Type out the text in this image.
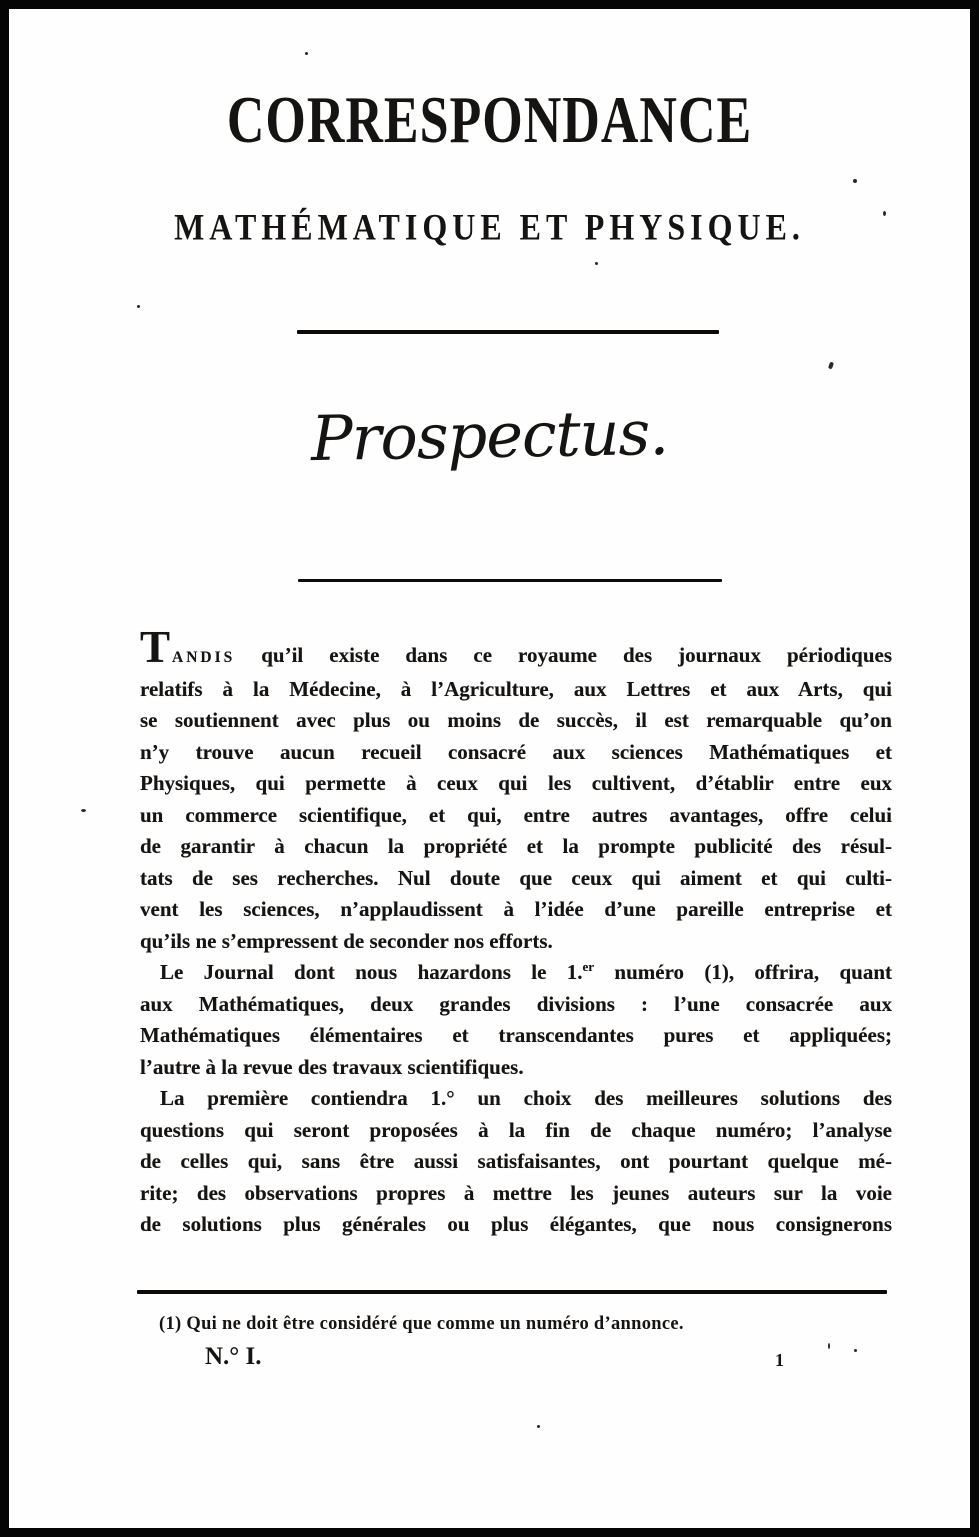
CORRESPONDANCE
MATHÉMATIQUE ET PHYSIQUE.
Prospectus.
TANDIS qu’il existe dans ce royaume des journaux périodiques
relatifs à la Médecine, à l’Agriculture, aux Lettres et aux Arts, qui
se soutiennent avec plus ou moins de succès, il est remarquable qu’on
n’y trouve aucun recueil consacré aux sciences Mathématiques et
Physiques, qui permette à ceux qui les cultivent, d’établir entre eux
un commerce scientifique, et qui, entre autres avantages, offre celui
de garantir à chacun la propriété et la prompte publicité des résul-
tats de ses recherches. Nul doute que ceux qui aiment et qui culti-
vent les sciences, n’applaudissent à l’idée d’une pareille entreprise et
qu’ils ne s’empressent de seconder nos efforts.
Le Journal dont nous hazardons le 1.$^{er}$ numéro (1), offrira, quant
aux Mathématiques, deux grandes divisions : l’une consacrée aux
Mathématiques élémentaires et transcendantes pures et appliquées;
l’autre à la revue des travaux scientifiques.
La première contiendra 1.° un choix des meilleures solutions des
questions qui seront proposées à la fin de chaque numéro; l’analyse
de celles qui, sans être aussi satisfaisantes, ont pourtant quelque mé-
rite; des observations propres à mettre les jeunes auteurs sur la voie
de solutions plus générales ou plus élégantes, que nous consignerons
(1) Qui ne doit être considéré que comme un numéro d’annonce.
N.° I.	1
